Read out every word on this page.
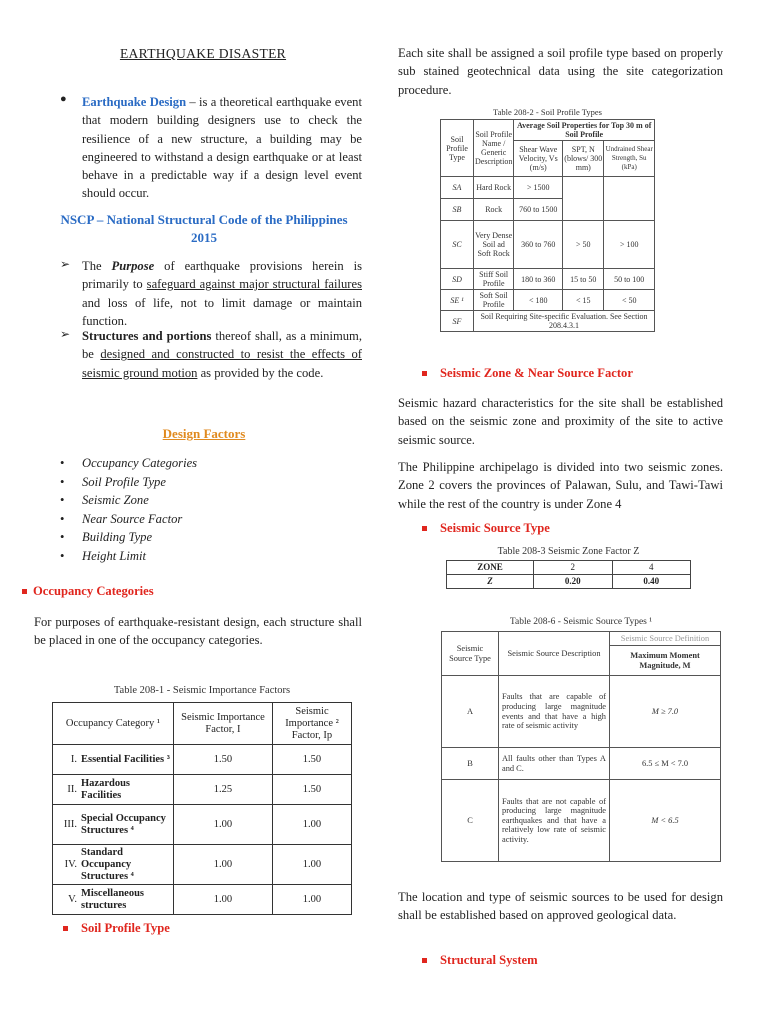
EARTHQUAKE DISASTER
●	Earthquake Design – is a theoretical earthquake event that modern building designers use to check the resilience of a new structure, a building may be engineered to withstand a design earthquake or at least behave in a predictable way if a design level event should occur.

NSCP – National Structural Code of the Philippines 2015
➢ The Purpose of earthquake provisions herein is primarily to safeguard against major structural failures and loss of life, not to limit damage or maintain function.

➢ Structures and portions thereof shall, as a minimum, be designed and constructed to resist the effects of seismic ground motion as provided by the code.

Design Factors
• Occupancy Categories
• Soil Profile Type
• Seismic Zone
• Near Source Factor
• Building Type
• Height Limit
Occupancy Categories

For purposes of earthquake-resistant design, each structure shall be placed in one of the occupancy categories.

Table 208-1 - Seismic Importance Factors
Occupancy Category ¹		Seismic Importance Factor, I	Seismic Importance ² Factor, Ip
I.	Essential Facilities ³	1.50	1.50
II.	Hazardous Facilities	1.25	1.50
III.	Special Occupancy Structures ⁴	1.00	1.00
IV.	Standard Occupancy Structures ⁴	1.00	1.00
V.	Miscellaneous structures	1.00	1.00
Soil Profile Type

Each site shall be assigned a soil profile type based on properly sub stained geotechnical data using the site categorization procedure.

Table 208-2 - Soil Profile Types
Soil Profile Type	Soil Profile Name / Generic Description	Average Soil Properties for Top 30 m of Soil Profile		
		Shear Wave Velocity, Vs (m/s)	SPT, N (blows/ 300 mm)	Undrained Shear Strength, Su (kPa)
SA	Hard Rock	> 1500		
SB	Rock	760 to 1500		
SC	Very Dense Soil ad Soft Rock	360 to 760	> 50	> 100
SD	Stiff Soil Profile	180 to 360	15 to 50	50 to 100
SE ¹	Soft Soil Profile	< 180	< 15	< 50
SF	Soil Requiring Site-specific Evaluation. See Section 208.4.3.1			
Seismic Zone & Near Source Factor

Seismic hazard characteristics for the site shall be established based on the seismic zone and proximity of the site to active seismic source.

The Philippine archipelago is divided into two seismic zones. Zone 2 covers the provinces of Palawan, Sulu, and Tawi-Tawi while the rest of the country is under Zone 4

Seismic Source Type
Table 208-3 Seismic Zone Factor Z
ZONE	2	4
Z	0.20	0.40
Table 208-6 - Seismic Source Types ¹
Seismic Source Type	Seismic Source Description	Seismic Source Definition
		Maximum Moment Magnitude, M
A	Faults that are capable of producing large magnitude events and that have a high rate of seismic activity	M ≥ 7.0
B	All faults other than Types A and C.	6.5 ≤ M < 7.0
C	Faults that are not capable of producing large magnitude earthquakes and that have a relatively low rate of seismic activity.	M < 6.5

The location and type of seismic sources to be used for design shall be established based on approved geological data.

Structural System
